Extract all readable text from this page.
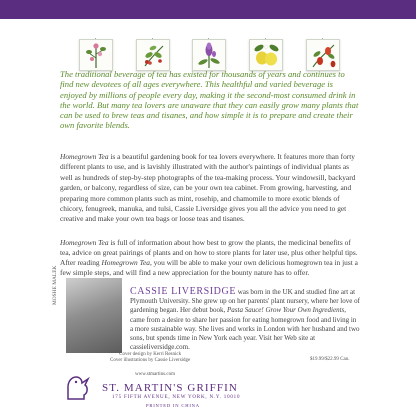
The traditional beverage of tea has existed for thousands of years and continues to find new devotees of all ages everywhere. This healthful and varied beverage is enjoyed by millions of people every day, making it the second-most consumed drink in the world. But many tea lovers are unaware that they can easily grow many plants that can be used to brew teas and tisanes, and how simple it is to prepare and create their own favorite blends.

Homegrown Tea is a beautiful gardening book for tea lovers everywhere. It features more than forty different plants to use, and is lavishly illustrated with the author's paintings of individual plants as well as hundreds of step-by-step photographs of the tea-making process. Your windowsill, backyard garden, or balcony, regardless of size, can be your own tea cabinet. From growing, harvesting, and preparing more common plants such as mint, rosehip, and chamomile to more exotic blends of chicory, fenugreek, manuka, and tulsi, Cassie Liversidge gives you all the advice you need to get creative and make your own tea bags or loose teas and tisanes.

Homegrown Tea is full of information about how best to grow the plants, the medicinal benefits of tea, advice on great pairings of plants and on how to store plants for later use, plus other helpful tips.

After reading Homegrown Tea, you will be able to make your own delicious homegrown tea in just a few simple steps, and will find a new appreciation for the bounty nature has to offer.

MOSHE MALEK	CASSIE LIVERSIDGE was born in the UK and studied fine art at Plymouth University. She grew up on her parents' plant nursery, where her love of gardening began. Her debut book, Pasta Sauce! Grow Your Own Ingredients, came from a desire to share her passion for eating homegrown food and living in a more sustainable way. She lives and works in London with her husband and two sons, but spends time in New York each year. Visit her Web site at cassieliversidge.com.

$19.99/$22.99 Can.
Cover design by Kerri Resnick
Cover illustrations by Cassie Liversidge
www.stmartins.com
ST. MARTIN'S GRIFFIN
175 FIFTH AVENUE, NEW YORK, N.Y. 10010
PRINTED IN CHINA
